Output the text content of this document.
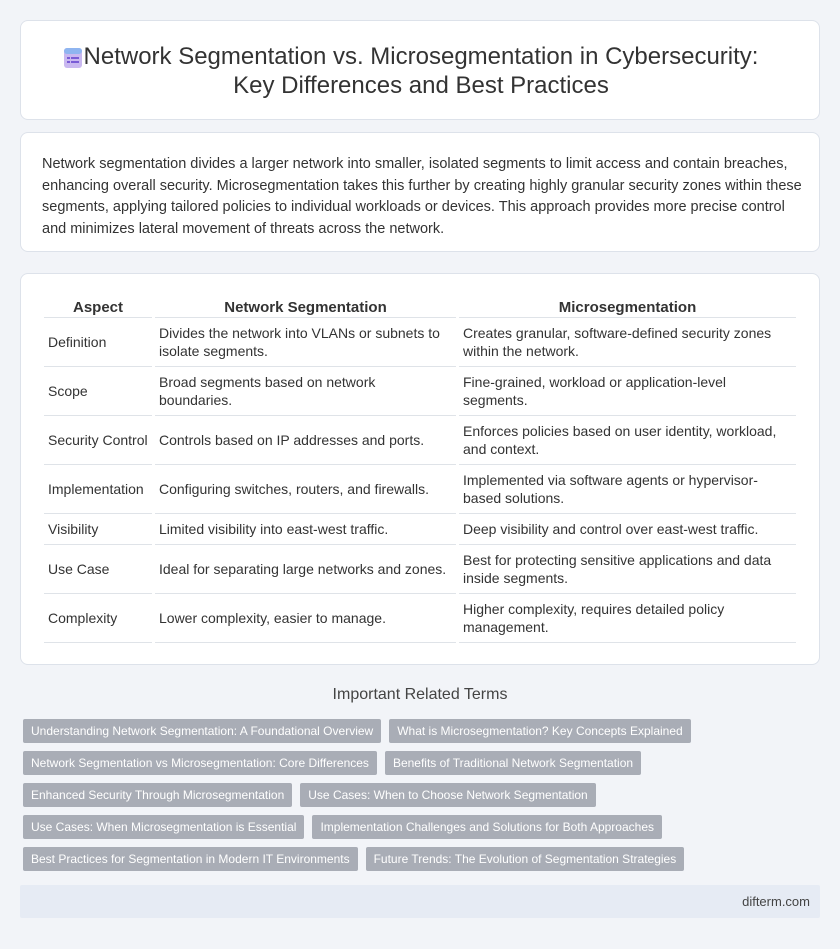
Network Segmentation vs. Microsegmentation in Cybersecurity: Key Differences and Best Practices

Network segmentation divides a larger network into smaller, isolated segments to limit access and contain breaches, enhancing overall security. Microsegmentation takes this further by creating highly granular security zones within these segments, applying tailored policies to individual workloads or devices. This approach provides more precise control and minimizes lateral movement of threats across the network.

Aspect	Network Segmentation	Microsegmentation
Definition	Divides the network into VLANs or subnets to isolate segments.	Creates granular, software-defined security zones within the network.
Scope	Broad segments based on network boundaries.	Fine-grained, workload or application-level segments.
Security Control	Controls based on IP addresses and ports.	Enforces policies based on user identity, workload, and context.
Implementation	Configuring switches, routers, and firewalls.	Implemented via software agents or hypervisor-based solutions.
Visibility	Limited visibility into east-west traffic.	Deep visibility and control over east-west traffic.
Use Case	Ideal for separating large networks and zones.	Best for protecting sensitive applications and data inside segments.
Complexity	Lower complexity, easier to manage.	Higher complexity, requires detailed policy management.
Important Related Terms
Understanding Network Segmentation: A Foundational Overview	What is Microsegmentation? Key Concepts Explained
Network Segmentation vs Microsegmentation: Core Differences	Benefits of Traditional Network Segmentation
Enhanced Security Through Microsegmentation	Use Cases: When to Choose Network Segmentation
Use Cases: When Microsegmentation is Essential	Implementation Challenges and Solutions for Both Approaches
Best Practices for Segmentation in Modern IT Environments	Future Trends: The Evolution of Segmentation Strategies
difterm.com
